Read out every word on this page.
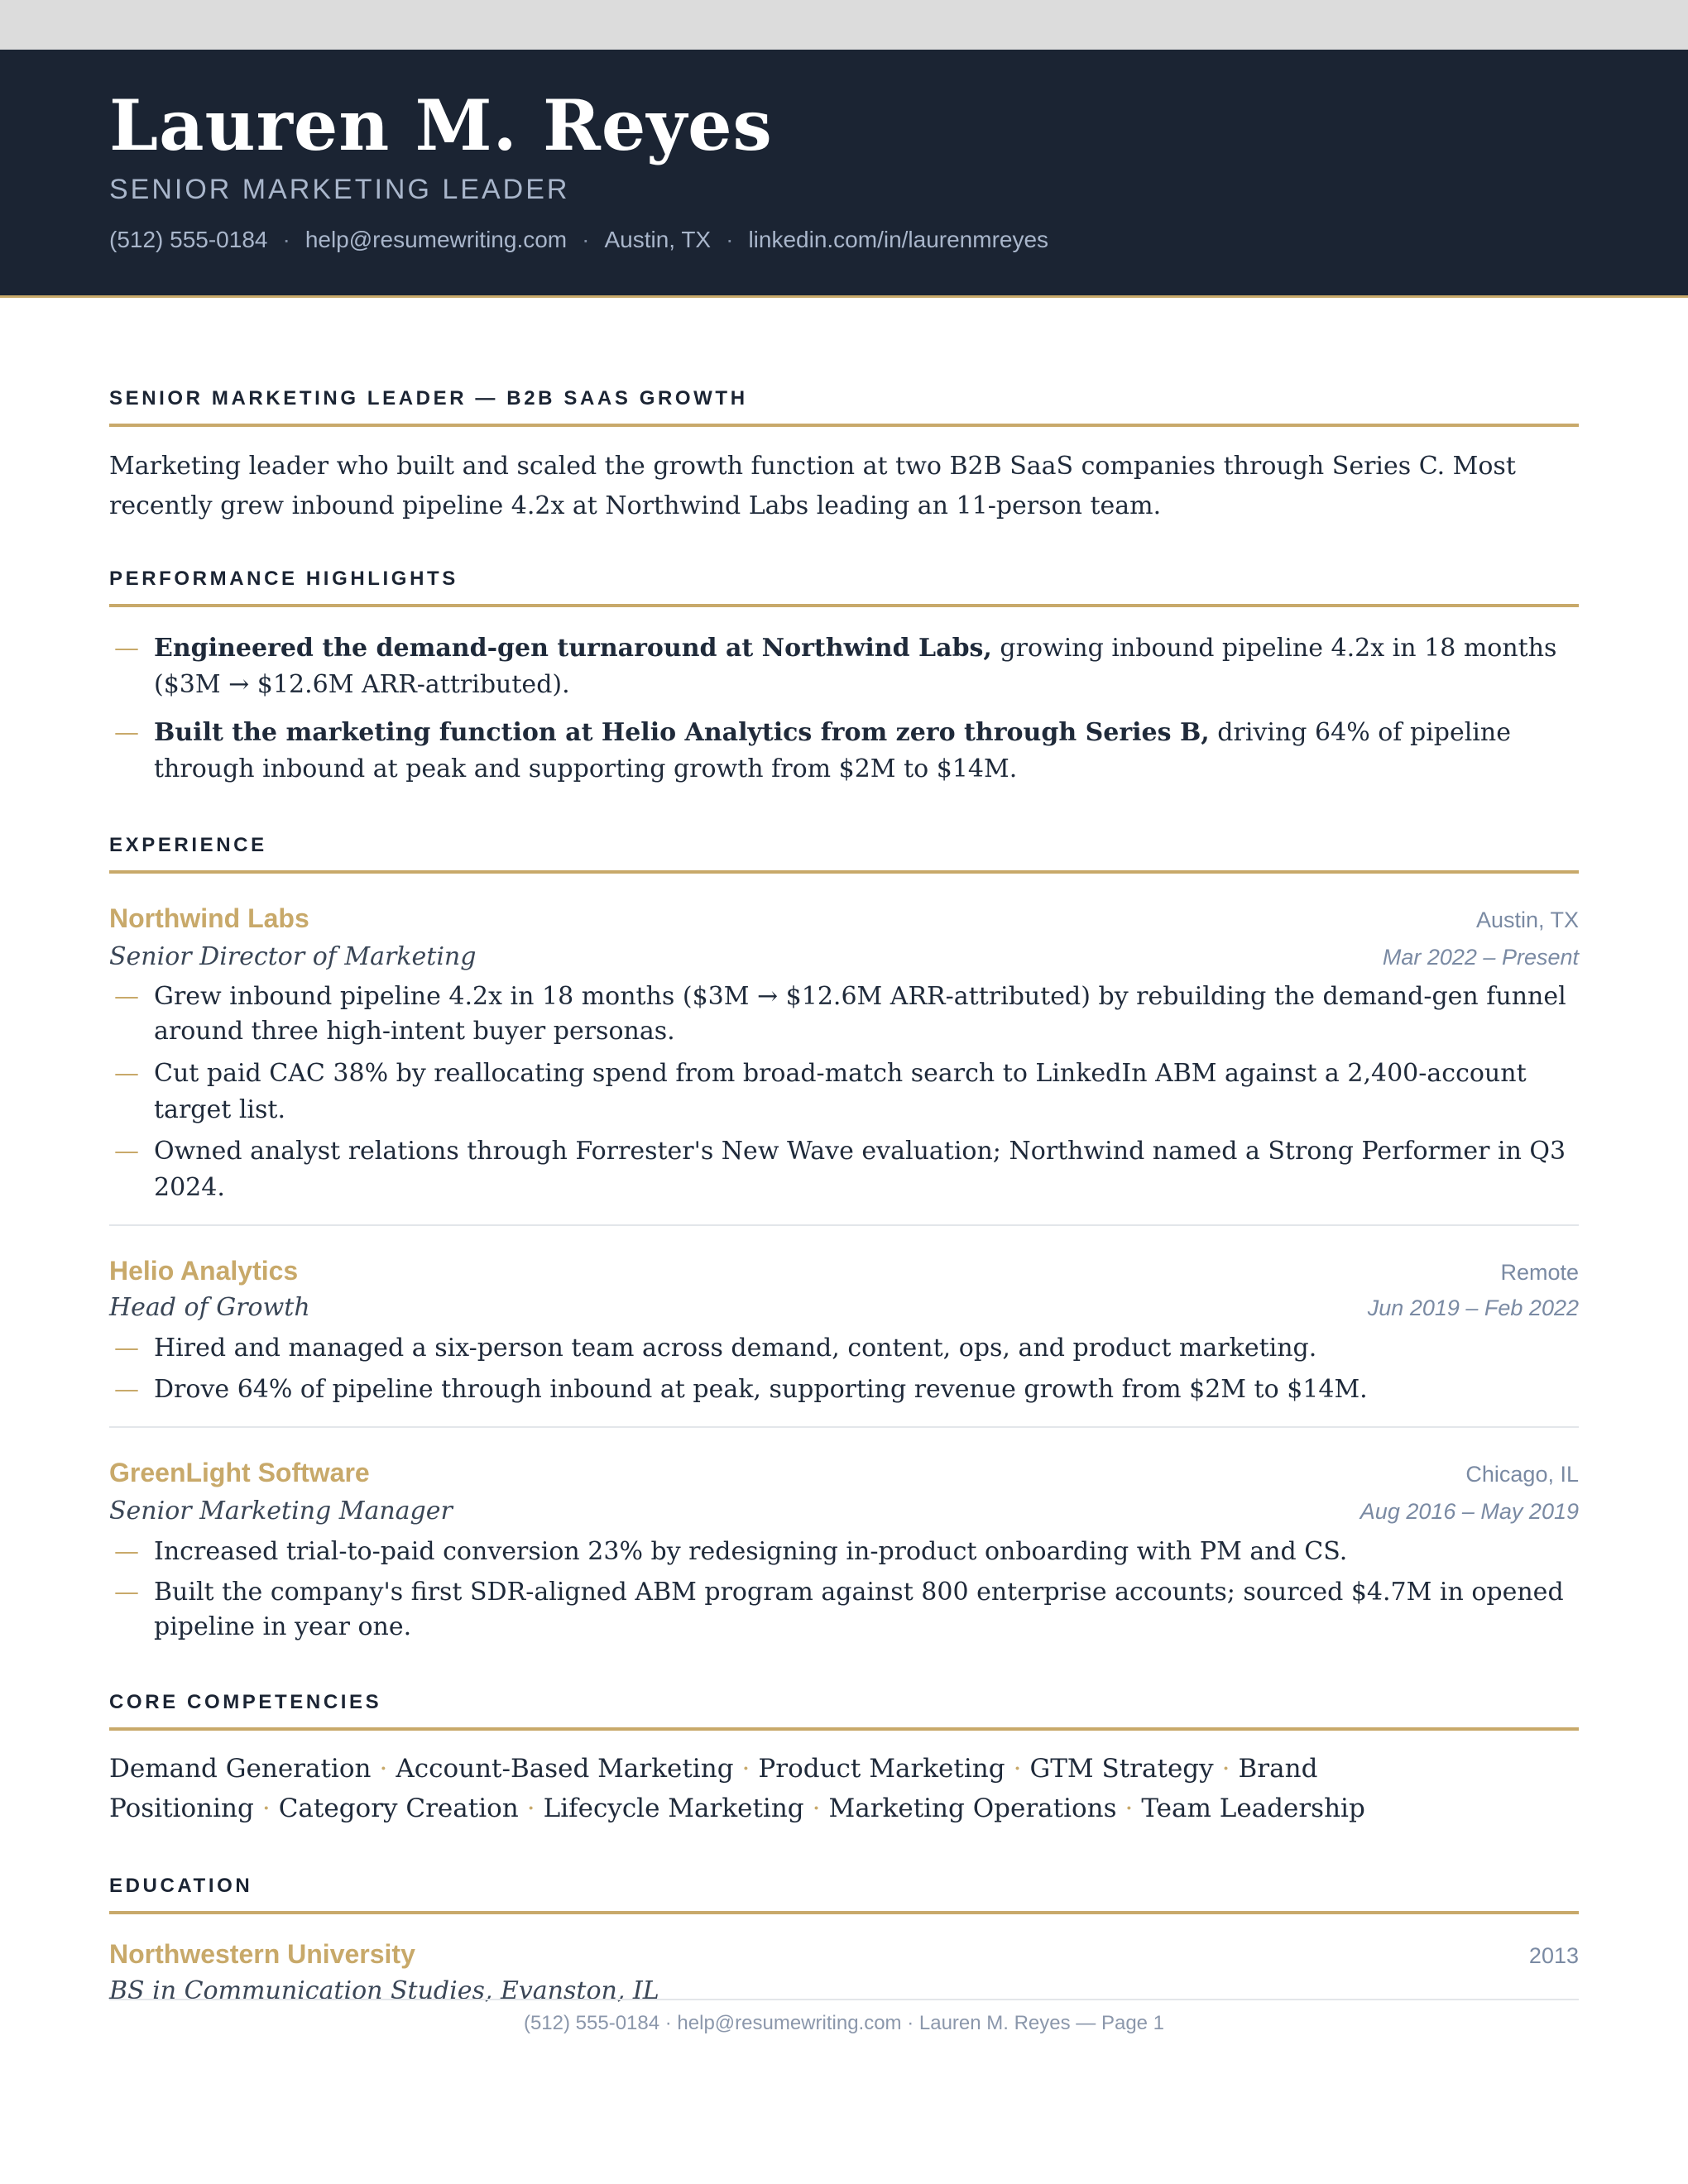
Lauren M. Reyes
SENIOR MARKETING LEADER
(512) 555-0184 · help@resumewriting.com · Austin, TX · linkedin.com/in/laurenmreyes
SENIOR MARKETING LEADER — B2B SAAS GROWTH
Marketing leader who built and scaled the growth function at two B2B SaaS companies through Series C. Most recently grew inbound pipeline 4.2x at Northwind Labs leading an 11-person team.
PERFORMANCE HIGHLIGHTS
— Engineered the demand-gen turnaround at Northwind Labs, growing inbound pipeline 4.2x in 18 months ($3M → $12.6M ARR-attributed).
— Built the marketing function at Helio Analytics from zero through Series B, driving 64% of pipeline through inbound at peak and supporting growth from $2M to $14M.
EXPERIENCE
Northwind Labs	Austin, TX
Senior Director of Marketing	Mar 2022 – Present
— Grew inbound pipeline 4.2x in 18 months ($3M → $12.6M ARR-attributed) by rebuilding the demand-gen funnel around three high-intent buyer personas.
— Cut paid CAC 38% by reallocating spend from broad-match search to LinkedIn ABM against a 2,400-account target list.
— Owned analyst relations through Forrester's New Wave evaluation; Northwind named a Strong Performer in Q3 2024.
Helio Analytics	Remote
Head of Growth	Jun 2019 – Feb 2022
— Hired and managed a six-person team across demand, content, ops, and product marketing.
— Drove 64% of pipeline through inbound at peak, supporting revenue growth from $2M to $14M.
GreenLight Software	Chicago, IL
Senior Marketing Manager	Aug 2016 – May 2019
— Increased trial-to-paid conversion 23% by redesigning in-product onboarding with PM and CS.
— Built the company's first SDR-aligned ABM program against 800 enterprise accounts; sourced $4.7M in opened pipeline in year one.
CORE COMPETENCIES
Demand Generation · Account-Based Marketing · Product Marketing · GTM Strategy · Brand Positioning · Category Creation · Lifecycle Marketing · Marketing Operations · Team Leadership
EDUCATION
Northwestern University	2013
BS in Communication Studies, Evanston, IL
(512) 555-0184 · help@resumewriting.com · Lauren M. Reyes — Page 1
